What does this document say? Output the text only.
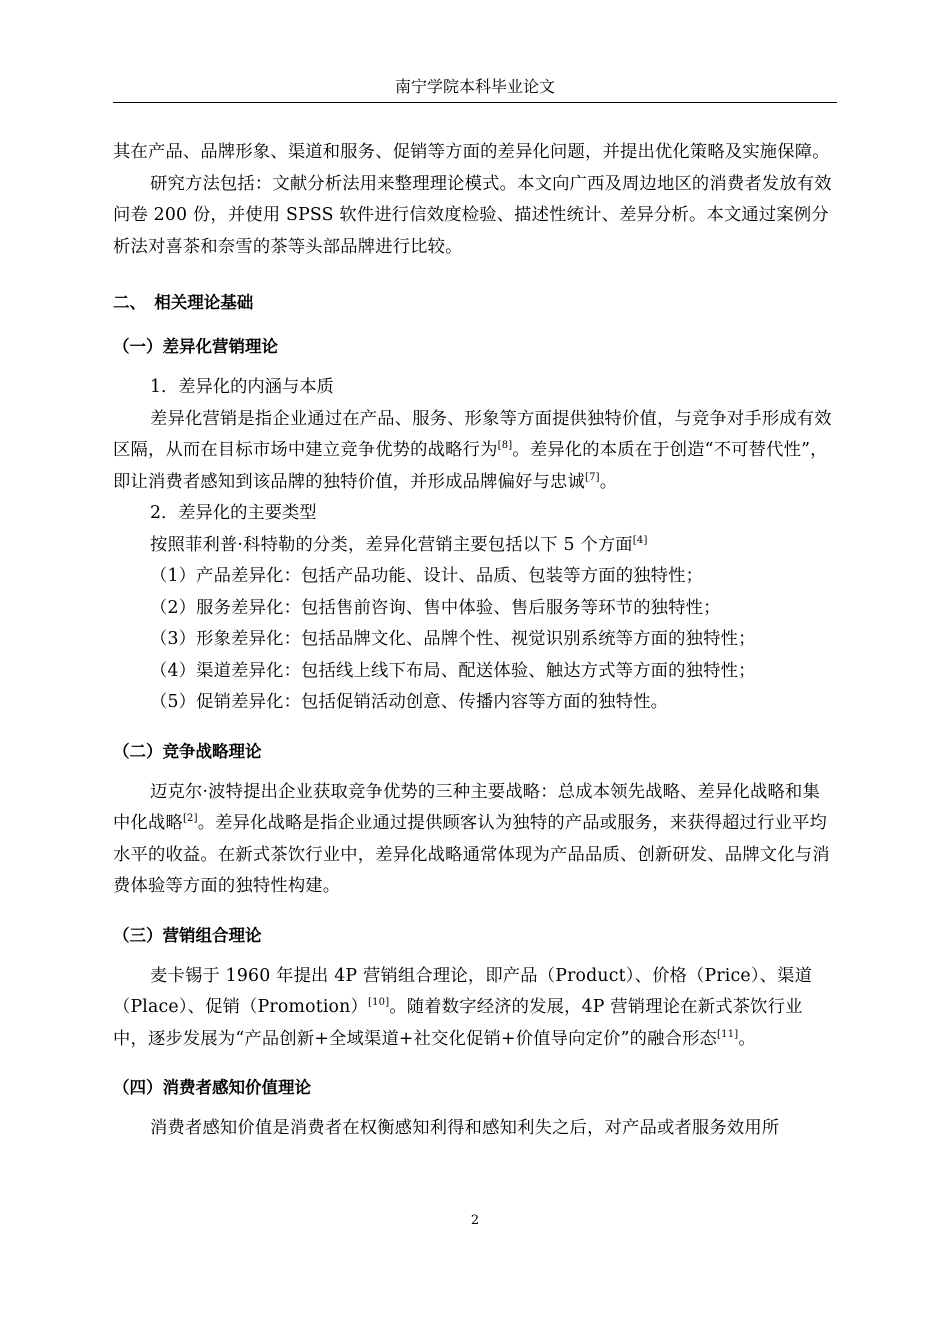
南宁学院本科毕业论文

其在产品、品牌形象、渠道和服务、促销等方面的差异化问题，并提出优化策略及实施保障。

研究方法包括：文献分析法用来整理理论模式。本文向广西及周边地区的消费者发放有效问卷 200 份，并使用 SPSS 软件进行信效度检验、描述性统计、差异分析。本文通过案例分析法对喜茶和奈雪的茶等头部品牌进行比较。

二、　相关理论基础
（一）差异化营销理论

1．差异化的内涵与本质

差异化营销是指企业通过在产品、服务、形象等方面提供独特价值，与竞争对手形成有效区隔，从而在目标市场中建立竞争优势的战略行为[8]。差异化的本质在于创造“不可替代性”，即让消费者感知到该品牌的独特价值，并形成品牌偏好与忠诚[7]。

2．差异化的主要类型

按照菲利普·科特勒的分类，差异化营销主要包括以下 5 个方面[4]

（1）产品差异化：包括产品功能、设计、品质、包装等方面的独特性；

（2）服务差异化：包括售前咨询、售中体验、售后服务等环节的独特性；

（3）形象差异化：包括品牌文化、品牌个性、视觉识别系统等方面的独特性；

（4）渠道差异化：包括线上线下布局、配送体验、触达方式等方面的独特性；

（5）促销差异化：包括促销活动创意、传播内容等方面的独特性。

（二）竞争战略理论

迈克尔·波特提出企业获取竞争优势的三种主要战略：总成本领先战略、差异化战略和集中化战略[2]。差异化战略是指企业通过提供顾客认为独特的产品或服务，来获得超过行业平均水平的收益。在新式茶饮行业中，差异化战略通常体现为产品品质、创新研发、品牌文化与消费体验等方面的独特性构建。

（三）营销组合理论

麦卡锡于 1960 年提出 4P 营销组合理论，即产品（Product）、价格（Price）、渠道（Place）、促销（Promotion）[10]。随着数字经济的发展，4P 营销理论在新式茶饮行业中，逐步发展为“产品创新+全域渠道+社交化促销+价值导向定价”的融合形态[11]。

（四）消费者感知价值理论

消费者感知价值是消费者在权衡感知利得和感知利失之后，对产品或者服务效用所

2
